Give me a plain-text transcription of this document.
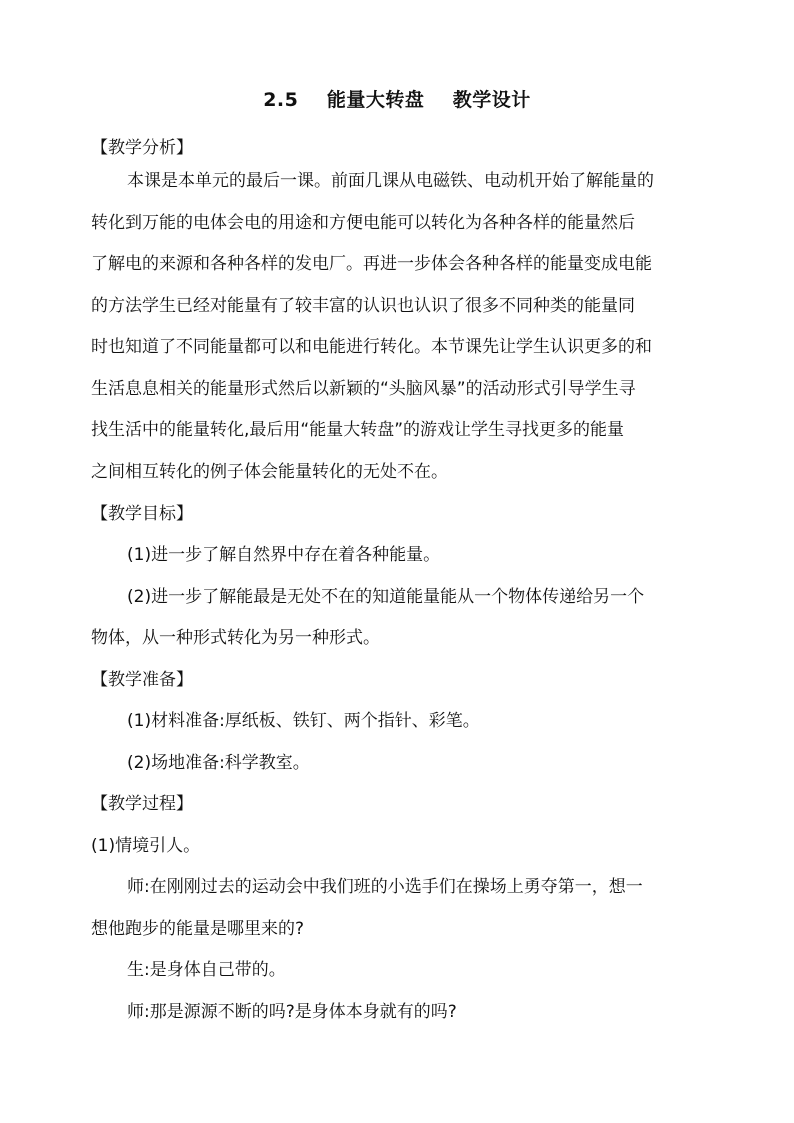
2.5    能量大转盘    教学设计
【教学分析】
本课是本单元的最后一课。前面几课从电磁铁、电动机开始了解能量的
转化到万能的电体会电的用途和方便电能可以转化为各种各样的能量然后
了解电的来源和各种各样的发电厂。再进一步体会各种各样的能量变成电能
的方法学生已经对能量有了较丰富的认识也认识了很多不同种类的能量同
时也知道了不同能量都可以和电能进行转化。本节课先让学生认识更多的和
生活息息相关的能量形式然后以新颖的“头脑风暴”的活动形式引导学生寻
找生活中的能量转化,最后用“能量大转盘”的游戏让学生寻找更多的能量
之间相互转化的例子体会能量转化的无处不在。
【教学目标】
(1)进一步了解自然界中存在着各种能量。
(2)进一步了解能最是无处不在的知道能量能从一个物体传递给另一个
物体，从一种形式转化为另一种形式。
【教学准备】
(1)材料准备:厚纸板、铁钉、两个指针、彩笔。
(2)场地准备:科学教室。
【教学过程】
(1)情境引人。
师:在刚刚过去的运动会中我们班的小选手们在操场上勇夺第一，想一
想他跑步的能量是哪里来的?
生:是身体自己带的。
师:那是源源不断的吗?是身体本身就有的吗?
